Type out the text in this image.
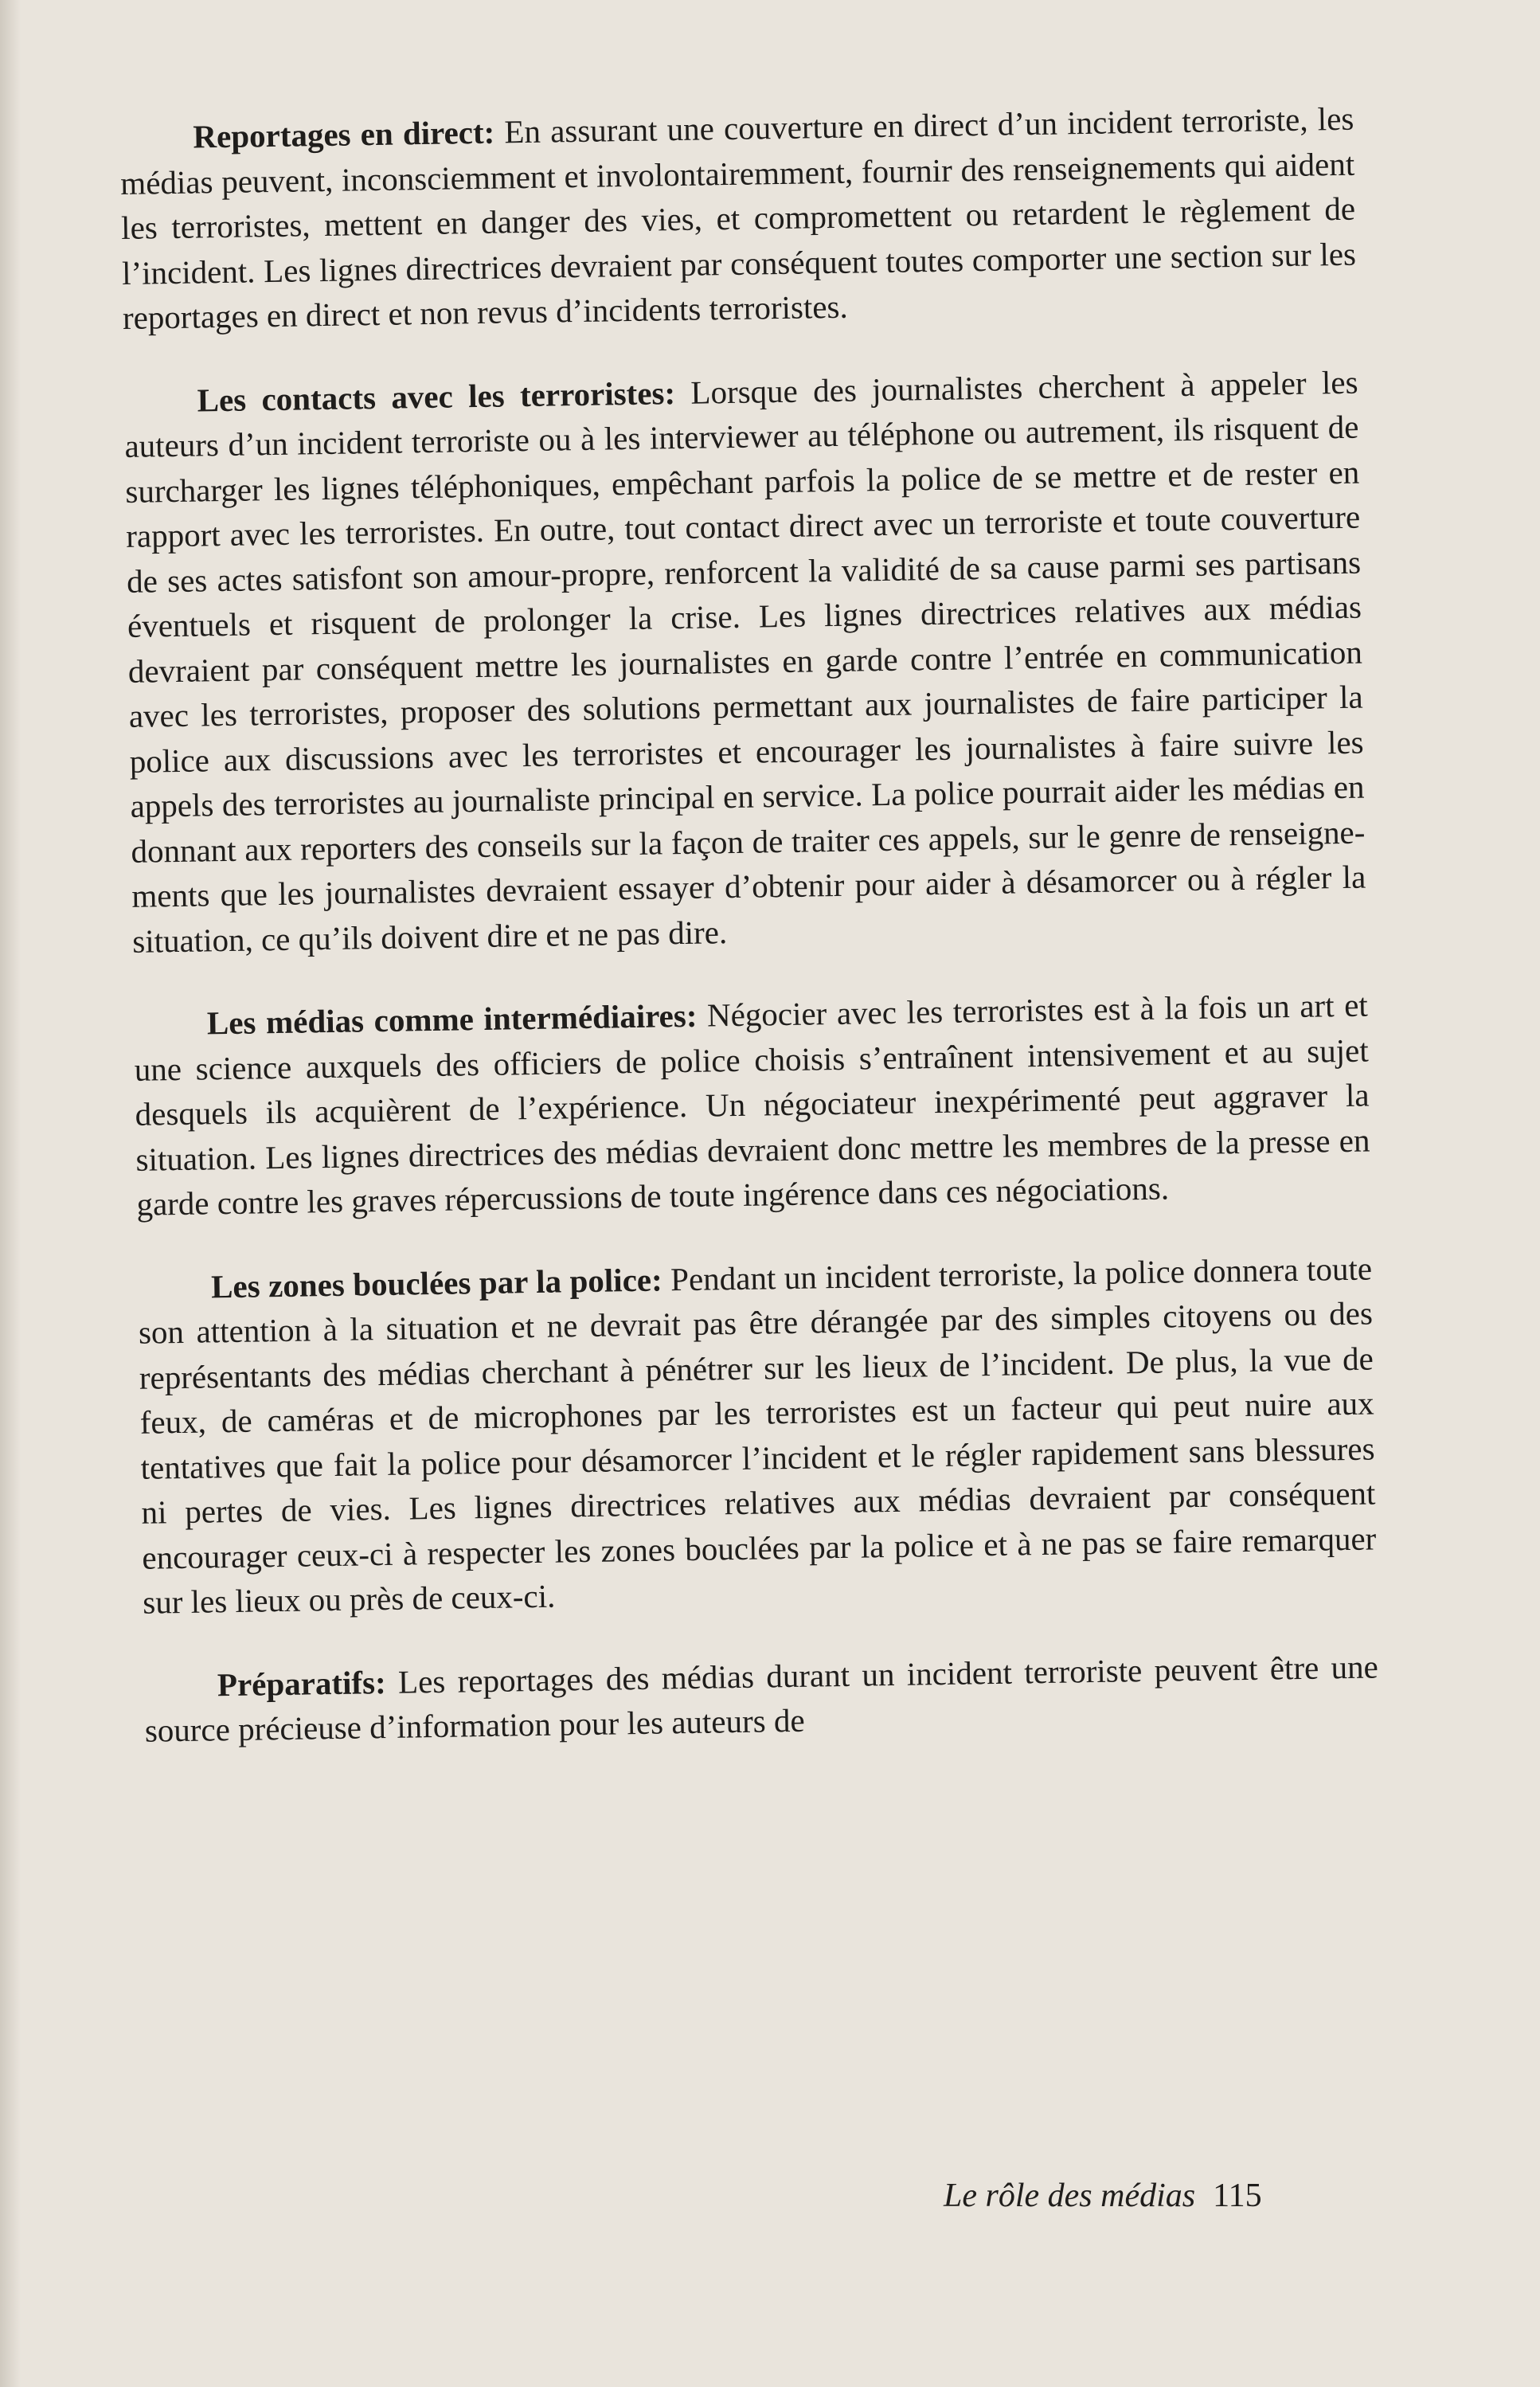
Reportages en direct: En assurant une couverture en direct d’un incident terroriste, les médias peuvent, inconsciemment et involontairemment, fournir des renseignements qui aident les terroristes, mettent en danger des vies, et compromettent ou retardent le règlement de l’incident. Les lignes directrices devraient par conséquent toutes comporter une section sur les reportages en direct et non revus d’incidents terroristes.

Les contacts avec les terroristes: Lorsque des journalistes cherchent à appeler les auteurs d’un incident terroriste ou à les interviewer au téléphone ou autrement, ils risquent de surcharger les lignes téléphoniques, empêchant parfois la police de se mettre et de rester en rapport avec les terroristes. En outre, tout contact direct avec un terroriste et toute couverture de ses actes satisfont son amour-propre, renforcent la validité de sa cause parmi ses partisans éventuels et risquent de prolonger la crise. Les lignes directrices relatives aux médias devraient par conséquent mettre les journalistes en garde contre l’entrée en communication avec les terroristes, proposer des solutions permettant aux journalistes de faire participer la police aux discussions avec les terroristes et encourager les journalistes à faire suivre les appels des terroristes au journaliste principal en service. La police pourrait aider les médias en donnant aux reporters des conseils sur la façon de traiter ces appels, sur le genre de renseignements que les journalistes devraient essayer d’obtenir pour aider à désamorcer ou à régler la situation, ce qu’ils doivent dire et ne pas dire.

Les médias comme intermédiaires: Négocier avec les terroristes est à la fois un art et une science auxquels des officiers de police choisis s’entraînent intensivement et au sujet desquels ils acquièrent de l’expérience. Un négociateur inexpérimenté peut aggraver la situation. Les lignes directrices des médias devraient donc mettre les membres de la presse en garde contre les graves répercussions de toute ingérence dans ces négociations.

Les zones bouclées par la police: Pendant un incident terroriste, la police donnera toute son attention à la situation et ne devrait pas être dérangée par des simples citoyens ou des représentants des médias cherchant à pénétrer sur les lieux de l’incident. De plus, la vue de feux, de caméras et de microphones par les terroristes est un facteur qui peut nuire aux tentatives que fait la police pour désamorcer l’incident et le régler rapidement sans blessures ni pertes de vies. Les lignes directrices relatives aux médias devraient par conséquent encourager ceux-ci à respecter les zones bouclées par la police et à ne pas se faire remarquer sur les lieux ou près de ceux-ci.

Préparatifs: Les reportages des médias durant un incident terroriste peuvent être une source précieuse d’information pour les auteurs de

Le rôle des médias 115
